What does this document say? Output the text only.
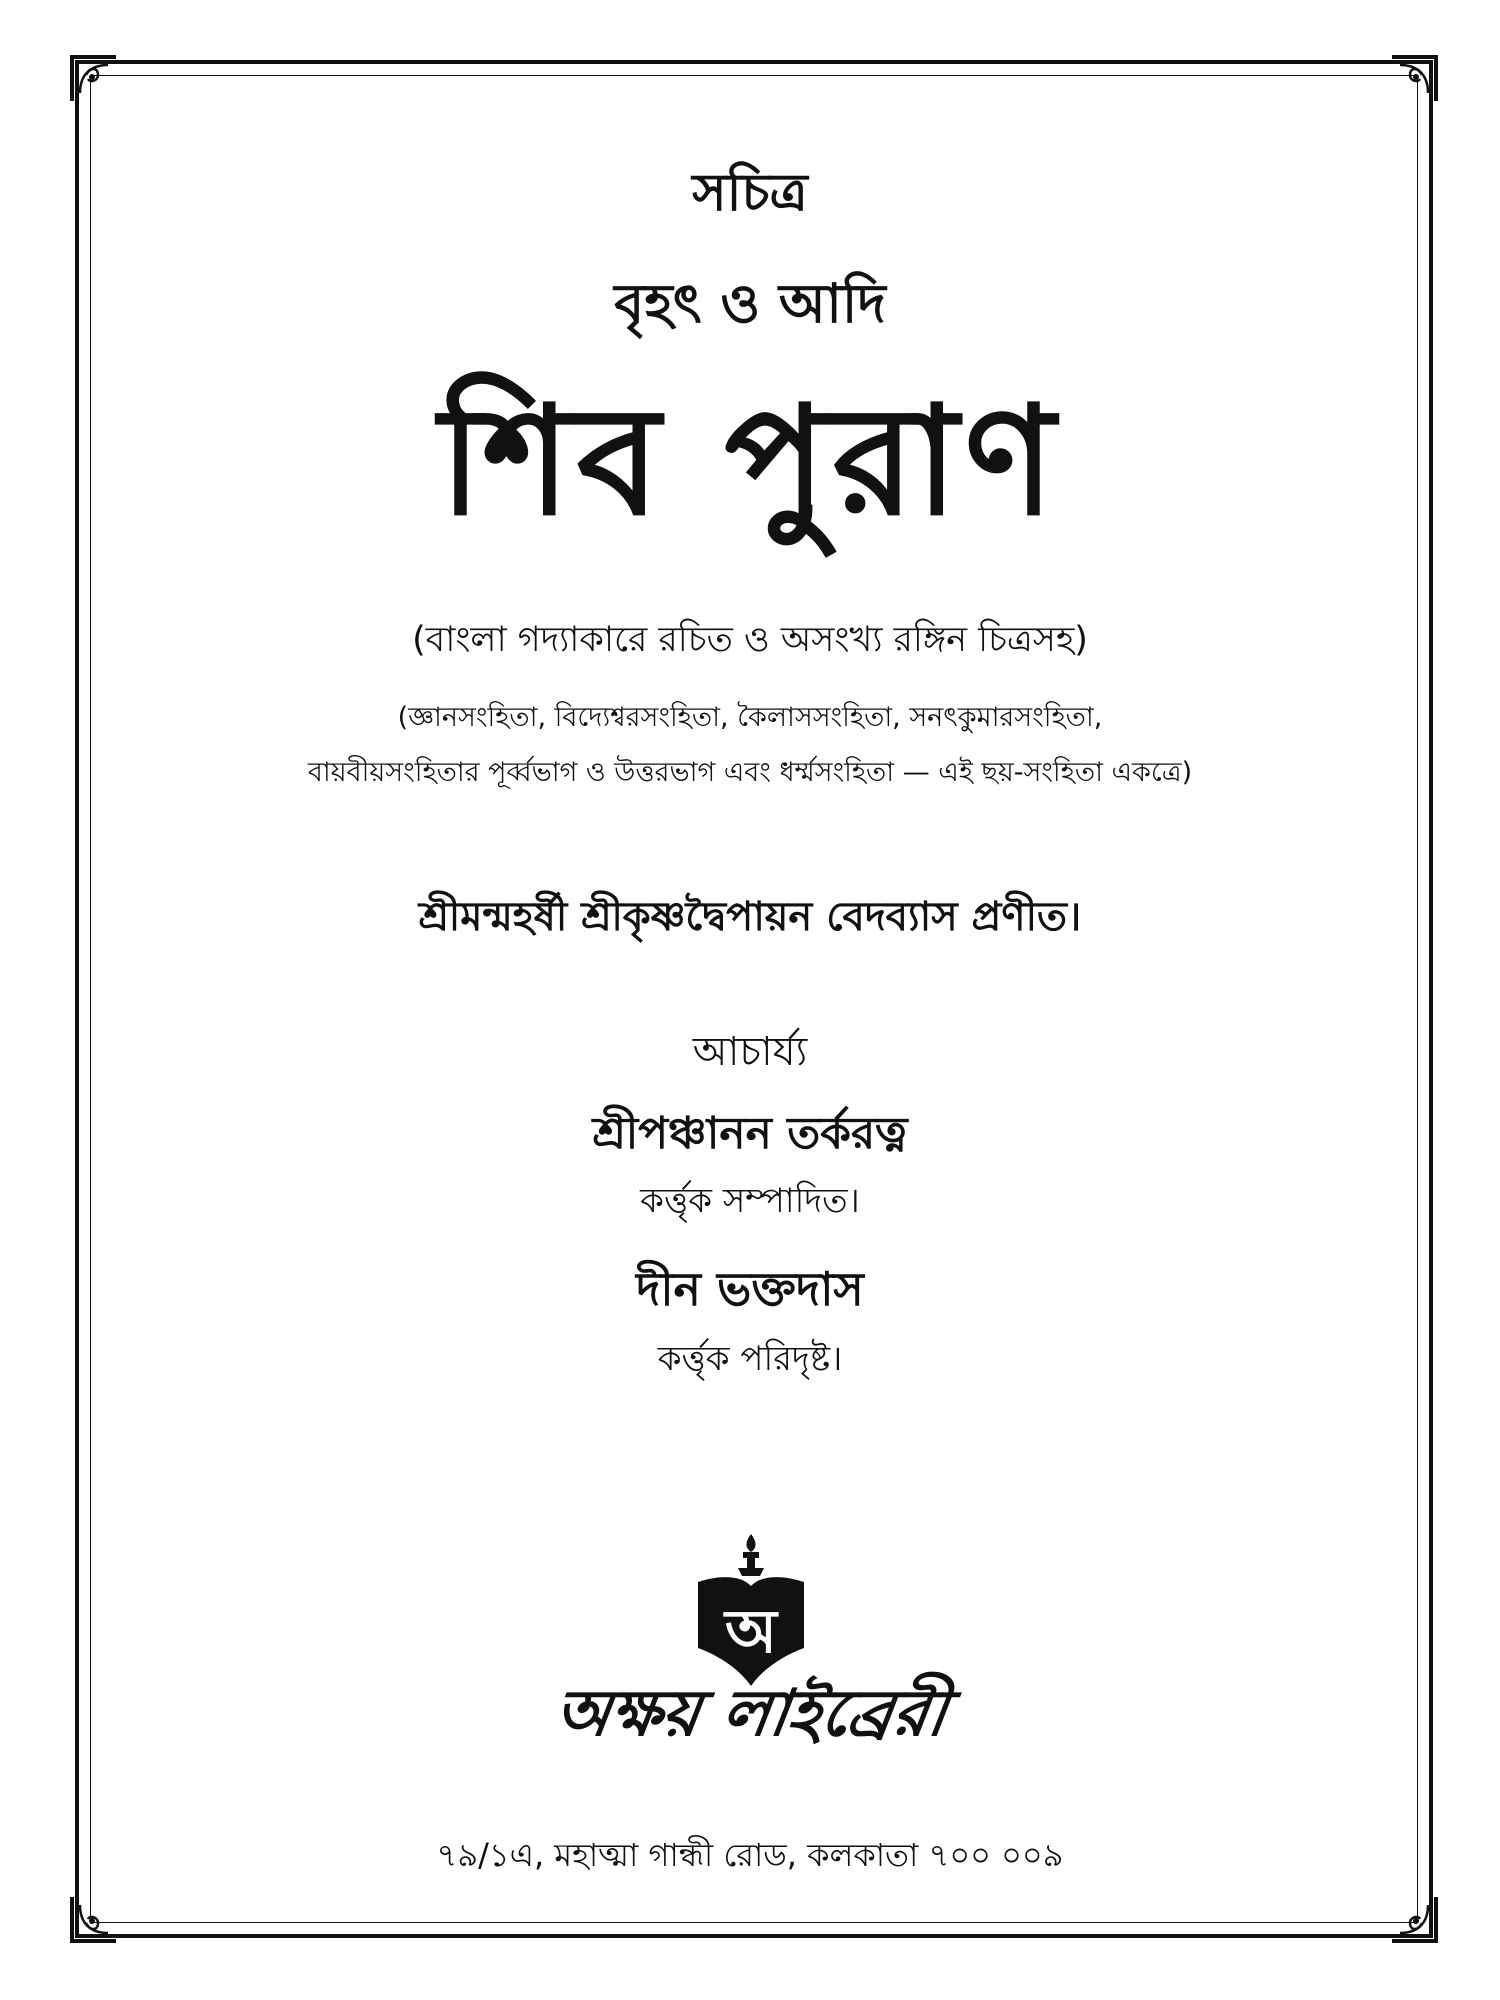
সচিত্র
বৃহৎ ও আদি
শিব পুরাণ
(বাংলা গদ্যাকারে রচিত ও অসংখ্য রঙ্গিন চিত্রসহ)
(জ্ঞানসংহিতা, বিদ্যেশ্বরসংহিতা, কৈলাসসংহিতা, সনৎকুমারসংহিতা,
বায়বীয়সংহিতার পূর্ব্বভাগ ও উত্তরভাগ এবং ধর্ম্মসংহিতা — এই ছয়-সংহিতা একত্রে)
শ্রীমন্মহর্ষী শ্রীকৃষ্ণদ্বৈপায়ন বেদব্যাস প্রণীত।
আচার্য্য
শ্রীপঞ্চানন তর্করত্ন
কর্ত্তৃক সম্পাদিত।
দীন ভক্তদাস
কর্ত্তৃক পরিদৃষ্ট।
অ
অক্ষয় লাইব্রেরী
৭৯/১এ, মহাত্মা গান্ধী রোড, কলকাতা ৭০০ ০০৯
